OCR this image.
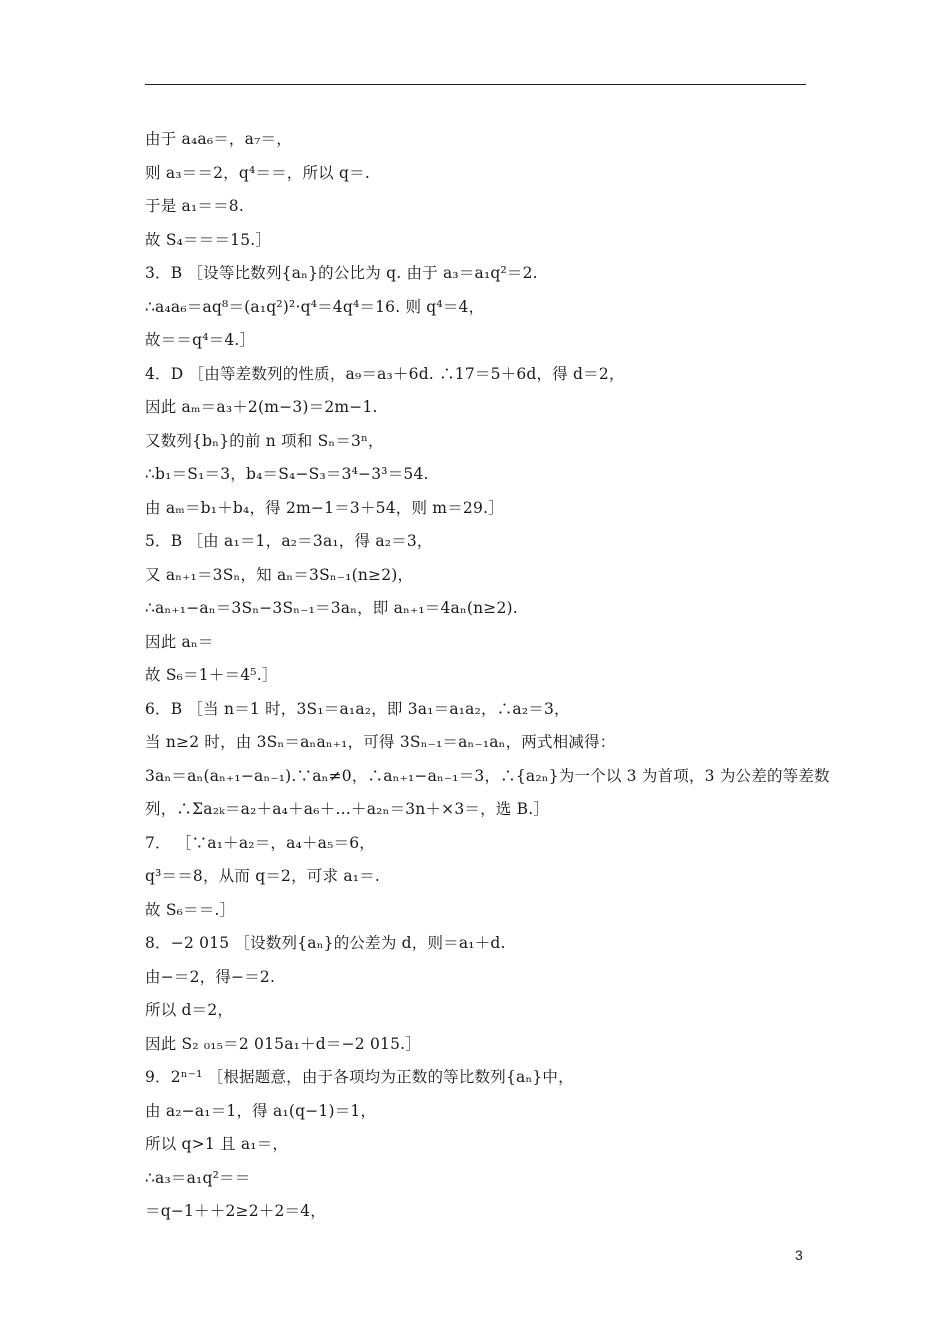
由于 a₄a₆＝，a₇＝，
则 a₃＝＝2，q⁴＝＝，所以 q＝.
于是 a₁＝＝8.
故 S₄＝＝＝15.］
3．B ［设等比数列{aₙ}的公比为 q. 由于 a₃＝a₁q²＝2.
∴a₄a₆＝aq⁸＝(a₁q²)²·q⁴＝4q⁴＝16. 则 q⁴＝4，
故＝＝q⁴＝4.］
4．D ［由等差数列的性质，a₉＝a₃＋6d. ∴17＝5＋6d，得 d＝2，
因此 aₘ＝a₃＋2(m−3)＝2m−1.
又数列{bₙ}的前 n 项和 Sₙ＝3ⁿ，
∴b₁＝S₁＝3，b₄＝S₄−S₃＝3⁴−3³＝54.
由 aₘ＝b₁＋b₄，得 2m−1＝3＋54，则 m＝29.］
5．B ［由 a₁＝1，a₂＝3a₁，得 a₂＝3，
又 aₙ₊₁＝3Sₙ，知 aₙ＝3Sₙ₋₁(n≥2)，
∴aₙ₊₁−aₙ＝3Sₙ−3Sₙ₋₁＝3aₙ，即 aₙ₊₁＝4aₙ(n≥2).
因此 aₙ＝
故 S₆＝1＋＝4⁵.］
6．B ［当 n＝1 时，3S₁＝a₁a₂，即 3a₁＝a₁a₂，∴a₂＝3，
当 n≥2 时，由 3Sₙ＝aₙaₙ₊₁，可得 3Sₙ₋₁＝aₙ₋₁aₙ，两式相减得：
3aₙ＝aₙ(aₙ₊₁−aₙ₋₁).∵aₙ≠0，∴aₙ₊₁−aₙ₋₁＝3，∴{a₂ₙ}为一个以 3 为首项，3 为公差的等差数
列，∴Σa₂ₖ＝a₂＋a₄＋a₆＋…＋a₂ₙ＝3n＋×3＝，选 B.］
7． ［∵a₁＋a₂＝，a₄＋a₅＝6，
q³＝＝8，从而 q＝2，可求 a₁＝.
故 S₆＝＝.］
8．−2 015 ［设数列{aₙ}的公差为 d，则＝a₁＋d.
由−＝2，得−＝2.
所以 d＝2，
因此 S₂ ₀₁₅＝2 015a₁＋d＝−2 015.］
9．2ⁿ⁻¹ ［根据题意，由于各项均为正数的等比数列{aₙ}中，
由 a₂−a₁＝1，得 a₁(q−1)＝1，
所以 q>1 且 a₁＝，
∴a₃＝a₁q²＝＝
＝q−1＋＋2≥2＋2＝4，
3
